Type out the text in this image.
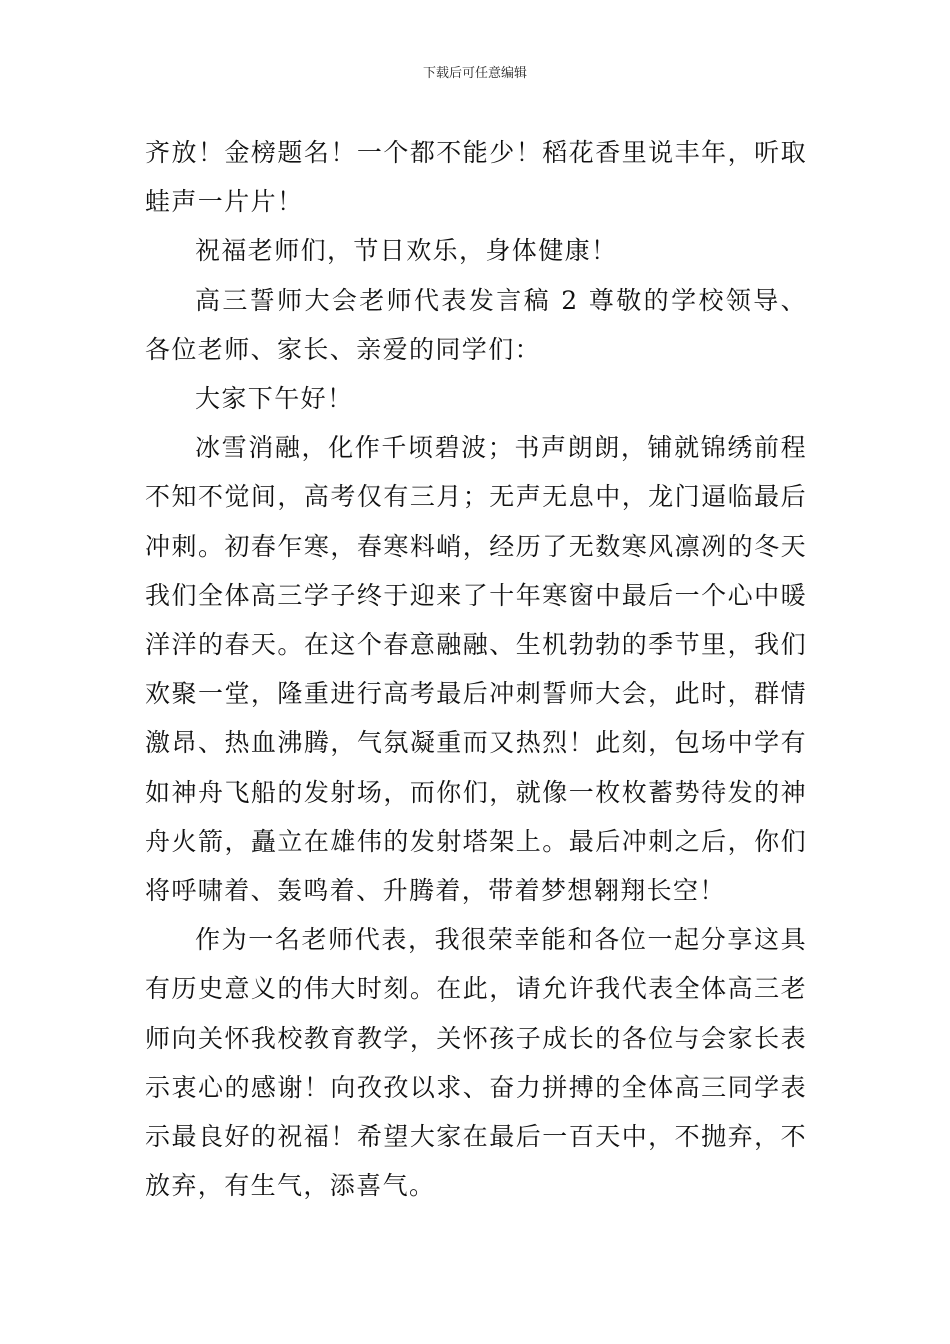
下载后可任意编辑

齐放！金榜题名！一个都不能少！稻花香里说丰年，听取蛙声一片片！

祝福老师们，节日欢乐，身体健康！

高三誓师大会老师代表发言稿 2 尊敬的学校领导、各位老师、家长、亲爱的同学们：

大家下午好！

冰雪消融，化作千顷碧波；书声朗朗，铺就锦绣前程不知不觉间，高考仅有三月；无声无息中，龙门逼临最后冲刺。初春乍寒，春寒料峭，经历了无数寒风凛冽的冬天我们全体高三学子终于迎来了十年寒窗中最后一个心中暖洋洋的春天。在这个春意融融、生机勃勃的季节里，我们欢聚一堂，隆重进行高考最后冲刺誓师大会，此时，群情激昂、热血沸腾，气氛凝重而又热烈！此刻，包场中学有如神舟飞船的发射场，而你们，就像一枚枚蓄势待发的神舟火箭，矗立在雄伟的发射塔架上。最后冲刺之后，你们将呼啸着、轰鸣着、升腾着，带着梦想翱翔长空！

作为一名老师代表，我很荣幸能和各位一起分享这具有历史意义的伟大时刻。在此，请允许我代表全体高三老师向关怀我校教育教学，关怀孩子成长的各位与会家长表示衷心的感谢！向孜孜以求、奋力拼搏的全体高三同学表示最良好的祝福！希望大家在最后一百天中，不抛弃，不放弃，有生气，添喜气。
